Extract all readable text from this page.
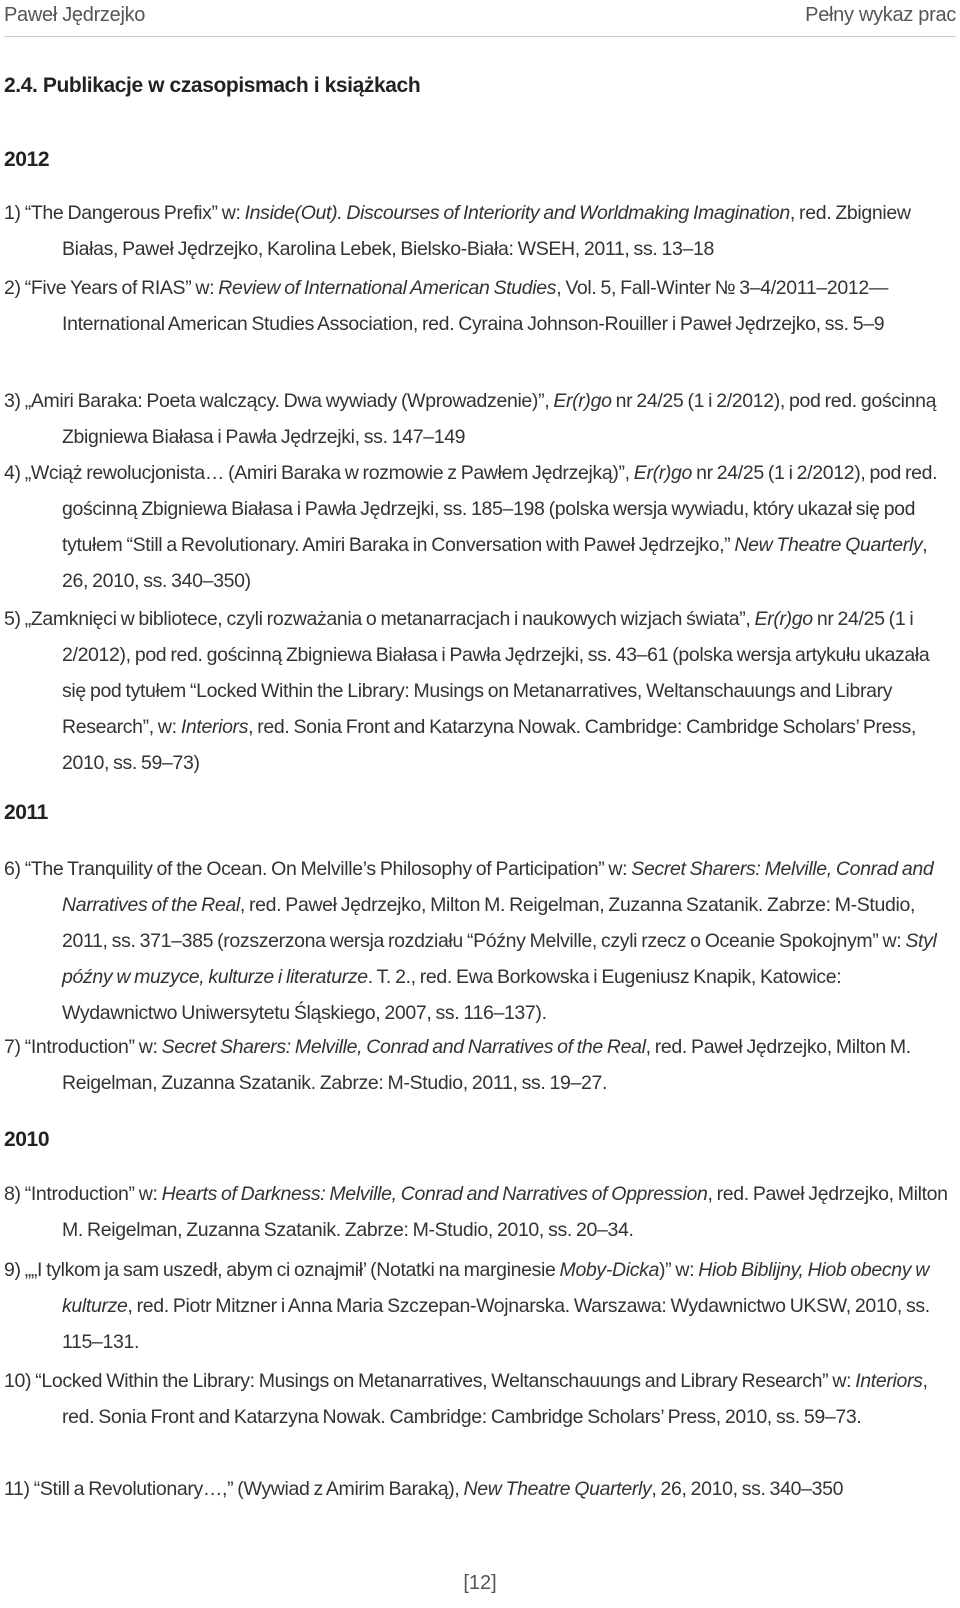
Paweł Jędrzejko	Pełny wykaz prac
2.4. Publikacje w czasopismach i książkach
2012
1) “The Dangerous Prefix” w: Inside(Out). Discourses of Interiority and Worldmaking Imagination, red. Zbigniew Białas, Paweł Jędrzejko, Karolina Lebek, Bielsko-Biała: WSEH, 2011, ss. 13–18
2) “Five Years of RIAS” w: Review of International American Studies, Vol. 5, Fall-Winter № 3–4/2011–2012—International American Studies Association, red. Cyraina Johnson-Rouiller i Paweł Jędrzejko, ss. 5–9
3) „Amiri Baraka: Poeta walczący. Dwa wywiady (Wprowadzenie)”, Er(r)go nr 24/25 (1 i 2/2012), pod red. gościnną Zbigniewa Białasa i Pawła Jędrzejki, ss. 147–149
4) „Wciąż rewolucjonista… (Amiri Baraka w rozmowie z Pawłem Jędrzejką)”, Er(r)go nr 24/25 (1 i 2/2012), pod red. gościnną Zbigniewa Białasa i Pawła Jędrzejki, ss. 185–198 (polska wersja wywiadu, który ukazał się pod tytułem “Still a Revolutionary. Amiri Baraka in Conversation with Paweł Jędrzejko,” New Theatre Quarterly, 26, 2010, ss. 340–350)
5) „Zamknięci w bibliotece, czyli rozważania o metanarracjach i naukowych wizjach świata”, Er(r)go nr 24/25 (1 i 2/2012), pod red. gościnną Zbigniewa Białasa i Pawła Jędrzejki, ss. 43–61 (polska wersja artykułu ukazała się pod tytułem “Locked Within the Library: Musings on Metanarratives, Weltanschauungs and Library Research”, w: Interiors, red. Sonia Front and Katarzyna Nowak. Cambridge: Cambridge Scholars’ Press, 2010, ss. 59–73)
2011
6) “The Tranquility of the Ocean. On Melville’s Philosophy of Participation” w: Secret Sharers: Melville, Conrad and Narratives of the Real, red. Paweł Jędrzejko, Milton M. Reigelman, Zuzanna Szatanik. Zabrze: M-Studio, 2011, ss. 371–385 (rozszerzona wersja rozdziału “Późny Melville, czyli rzecz o Oceanie Spokojnym” w: Styl późny w muzyce, kulturze i literaturze. T. 2., red. Ewa Borkowska i Eugeniusz Knapik, Katowice: Wydawnictwo Uniwersytetu Śląskiego, 2007, ss. 116–137).
7) “Introduction” w: Secret Sharers: Melville, Conrad and Narratives of the Real, red. Paweł Jędrzejko, Milton M. Reigelman, Zuzanna Szatanik. Zabrze: M-Studio, 2011, ss. 19–27.
2010
8) “Introduction” w: Hearts of Darkness: Melville, Conrad and Narratives of Oppression, red. Paweł Jędrzejko, Milton M. Reigelman, Zuzanna Szatanik. Zabrze: M-Studio, 2010, ss. 20–34.
9) „„I tylkom ja sam uszedł, abym ci oznajmił’ (Notatki na marginesie Moby-Dicka)” w: Hiob Biblijny, Hiob obecny w kulturze, red. Piotr Mitzner i Anna Maria Szczepan-Wojnarska. Warszawa: Wydawnictwo UKSW, 2010, ss. 115–131.
10) “Locked Within the Library: Musings on Metanarratives, Weltanschauungs and Library Research” w: Interiors, red. Sonia Front and Katarzyna Nowak. Cambridge: Cambridge Scholars’ Press, 2010, ss. 59–73.
11) “Still a Revolutionary…,” (Wywiad z Amirim Baraką), New Theatre Quarterly, 26, 2010, ss. 340–350
[12]
